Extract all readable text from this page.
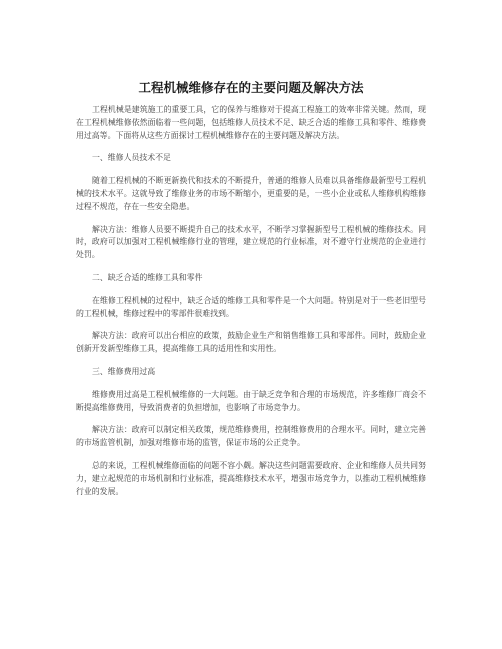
工程机械维修存在的主要问题及解决方法

工程机械是建筑施工的重要工具，它的保养与维修对于提高工程施工的效率非常关键。然而，现在工程机械维修依然面临着一些问题，包括维修人员技术不足、缺乏合适的维修工具和零件、维修费用过高等。下面将从这些方面探讨工程机械维修存在的主要问题及解决方法。

一、维修人员技术不足

随着工程机械的不断更新换代和技术的不断提升，普通的维修人员难以具备维修最新型号工程机械的技术水平。这就导致了维修业务的市场不断缩小，更重要的是，一些小企业或私人维修机构维修过程不规范，存在一些安全隐患。

解决方法：维修人员要不断提升自己的技术水平，不断学习掌握新型号工程机械的维修技术。同时，政府可以加强对工程机械维修行业的管理，建立规范的行业标准，对不遵守行业规范的企业进行处罚。

二、缺乏合适的维修工具和零件

在维修工程机械的过程中，缺乏合适的维修工具和零件是一个大问题。特别是对于一些老旧型号的工程机械，维修过程中的零部件很难找到。

解决方法：政府可以出台相应的政策，鼓励企业生产和销售维修工具和零部件。同时，鼓励企业创新开发新型维修工具，提高维修工具的适用性和实用性。

三、维修费用过高

维修费用过高是工程机械维修的一大问题。由于缺乏竞争和合理的市场规范，许多维修厂商会不断提高维修费用，导致消费者的负担增加，也影响了市场竞争力。

解决方法：政府可以制定相关政策，规范维修费用，控制维修费用的合理水平。同时，建立完善的市场监管机制，加强对维修市场的监管，保证市场的公正竞争。

总的来说，工程机械维修面临的问题不容小觑。解决这些问题需要政府、企业和维修人员共同努力，建立起规范的市场机制和行业标准，提高维修技术水平，增强市场竞争力，以推动工程机械维修行业的发展。
